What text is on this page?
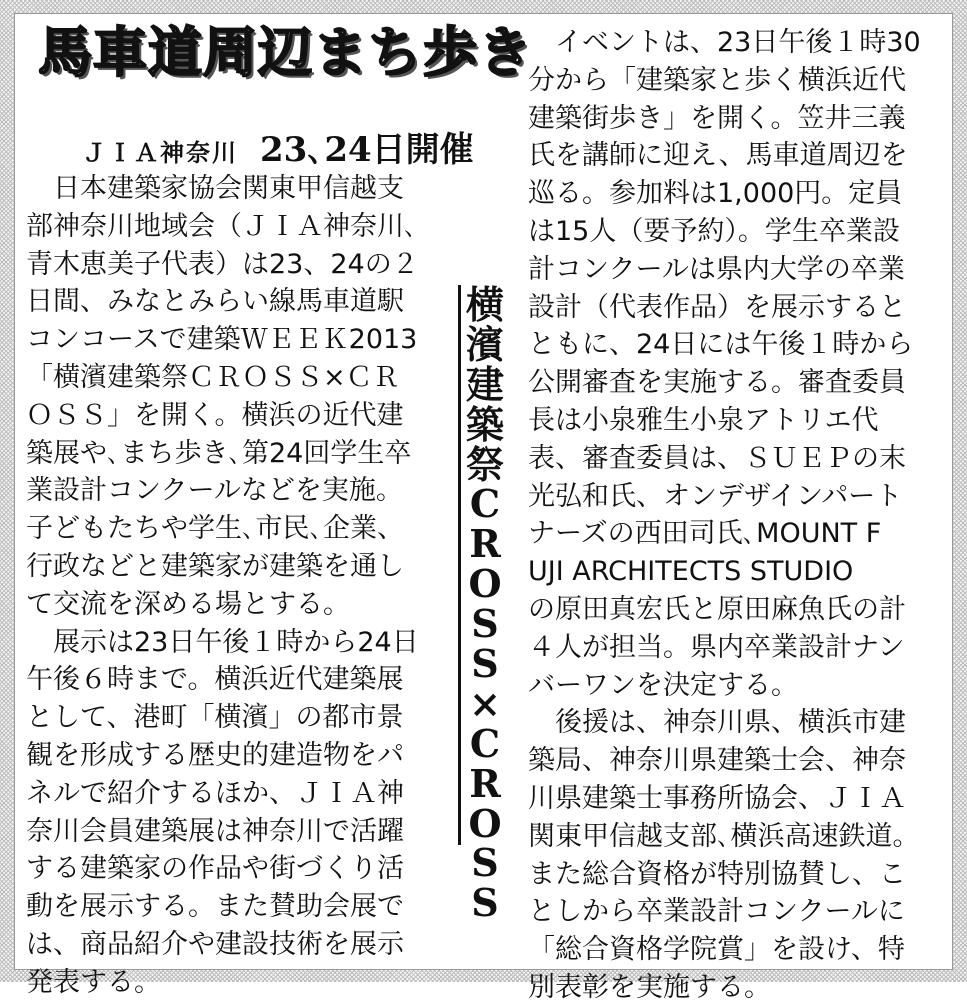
馬車道周辺まち歩き
ＪＩＡ神奈川 23､24日開催
　日本建築家協会関東甲信越支
部神奈川地域会（ＪＩＡ神奈川､
青木恵美子代表）は23、24の２
日間、みなとみらい線馬車道駅
コンコースで建築ＷＥＥＫ2013
「横濱建築祭ＣＲＯＳＳ×ＣＲ
ＯＳＳ」を開く。横浜の近代建
築展や､まち歩き､第24回学生卒
業設計コンクールなどを実施。
子どもたちや学生､市民､企業、
行政などと建築家が建築を通し
て交流を深める場とする。
　展示は23日午後１時から24日
午後６時まで。横浜近代建築展
として、港町「横濱」の都市景
観を形成する歴史的建造物をパ
ネルで紹介するほか、ＪＩＡ神
奈川会員建築展は神奈川で活躍
する建築家の作品や街づくり活
動を展示する。また賛助会展で
は、商品紹介や建設技術を展示
発表する。
横
濱
建
築
祭
C
R
O
S
S
×
C
R
O
S
S
　イベントは、23日午後１時30
分から「建築家と歩く横浜近代
建築街歩き」を開く。笠井三義
氏を講師に迎え、馬車道周辺を
巡る。参加料は1,000円。定員
は15人（要予約）。学生卒業設
計コンクールは県内大学の卒業
設計（代表作品）を展示すると
ともに、24日には午後１時から
公開審査を実施する。審査委員
長は小泉雅生小泉アトリエ代
表、審査委員は、ＳＵＥＰの末
光弘和氏、オンデザインパート
ナーズの西田司氏､MOUNT F
UJI ARCHITECTS STUDIO
の原田真宏氏と原田麻魚氏の計
４人が担当。県内卒業設計ナン
バーワンを決定する。
　後援は、神奈川県、横浜市建
築局、神奈川県建築士会、神奈
川県建築士事務所協会、ＪＩＡ
関東甲信越支部､横浜高速鉄道。
また総合資格が特別協賛し、こ
としから卒業設計コンクールに
「総合資格学院賞」を設け、特
別表彰を実施する。
